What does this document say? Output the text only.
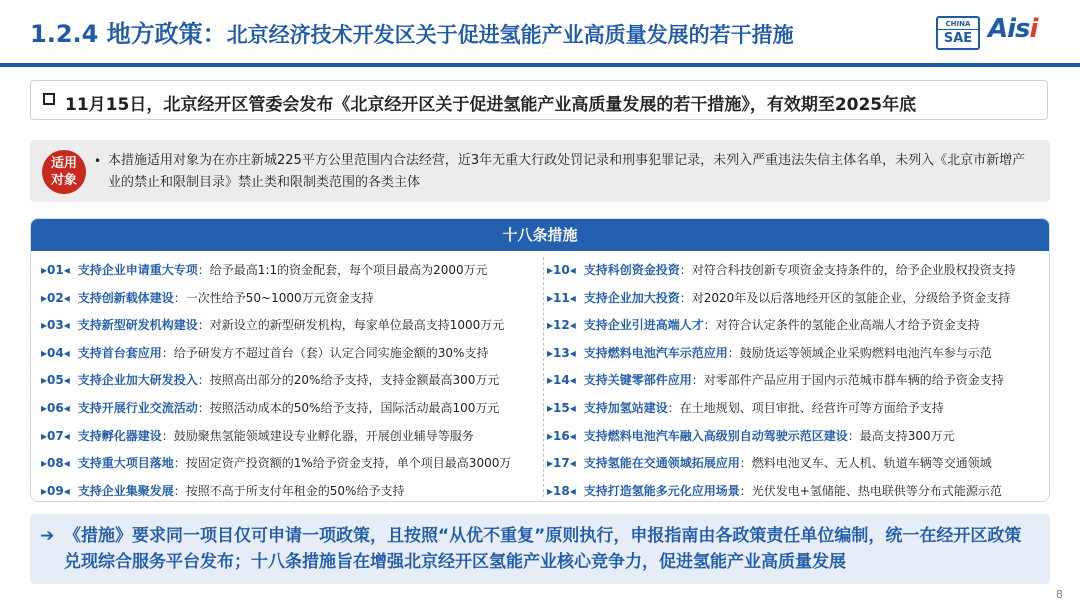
1.2.4 地方政策：北京经济技术开发区关于促进氢能产业高质量发展的若干措施	CHINA
SAE Aisi
11月15日，北京经开区管委会发布《北京经开区关于促进氢能产业高质量发展的若干措施》，有效期至2025年底
适用
对象
• 本措施适用对象为在亦庄新城225平方公里范围内合法经营，近3年无重大行政处罚记录和刑事犯罪记录，未列入严重违法失信主体名单，未列入《北京市新增产业的禁止和限制目录》禁止类和限制类范围的各类主体
十八条措施
▸01◂ 支持企业申请重大专项：给予最高1:1的资金配套，每个项目最高为2000万元
▸02◂ 支持创新载体建设：一次性给予50~1000万元资金支持
▸03◂ 支持新型研发机构建设：对新设立的新型研发机构，每家单位最高支持1000万元
▸04◂ 支持首台套应用：给予研发方不超过首台（套）认定合同实施金额的30%支持
▸05◂ 支持企业加大研发投入：按照高出部分的20%给予支持，支持金额最高300万元
▸06◂ 支持开展行业交流活动：按照活动成本的50%给予支持，国际活动最高100万元
▸07◂ 支持孵化器建设：鼓励聚焦氢能领域建设专业孵化器，开展创业辅导等服务
▸08◂ 支持重大项目落地：按固定资产投资额的1%给予资金支持，单个项目最高3000万
▸09◂ 支持企业集聚发展：按照不高于所支付年租金的50%给予支持
▸10◂ 支持科创资金投资：对符合科技创新专项资金支持条件的，给予企业股权投资支持
▸11◂ 支持企业加大投资：对2020年及以后落地经开区的氢能企业，分级给予资金支持
▸12◂ 支持企业引进高端人才：对符合认定条件的氢能企业高端人才给予资金支持
▸13◂ 支持燃料电池汽车示范应用：鼓励货运等领域企业采购燃料电池汽车参与示范
▸14◂ 支持关键零部件应用：对零部件产品应用于国内示范城市群车辆的给予资金支持
▸15◂ 支持加氢站建设：在土地规划、项目审批、经营许可等方面给予支持
▸16◂ 支持燃料电池汽车融入高级别自动驾驶示范区建设：最高支持300万元
▸17◂ 支持氢能在交通领域拓展应用：燃料电池叉车、无人机、轨道车辆等交通领域
▸18◂ 支持打造氢能多元化应用场景：光伏发电+氢储能、热电联供等分布式能源示范
➔ 《措施》要求同一项目仅可申请一项政策，且按照“从优不重复”原则执行，申报指南由各政策责任单位编制，统一在经开区政策兑现综合服务平台发布；十八条措施旨在增强北京经开区氢能产业核心竞争力，促进氢能产业高质量发展
8
